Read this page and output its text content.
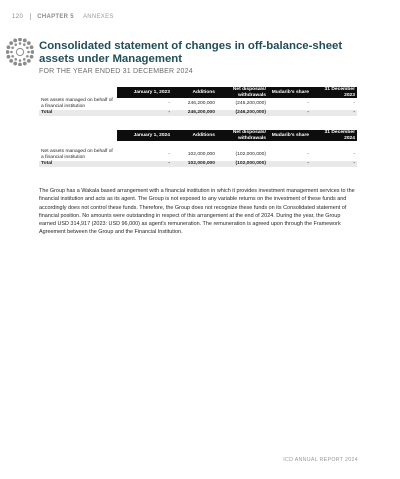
120 CHAPTER 5 ANNEXES
Consolidated statement of changes in off-balance-sheet assets under Management
FOR THE YEAR ENDED 31 DECEMBER 2024
	January 1, 2023	Additions	Net disposals/ withdrawals	Mudarib's share	31 December 2023
Net assets managed on behalf of a financial institution	-	246,200,000	(246,200,000)	-	-
Total	-	246,200,000	(246,200,000)	-	-
	January 1, 2024	Additions	Net disposals/ withdrawals	Mudarib's share	31 December 2024

Net assets managed on behalf of a financial institution	-	102,000,000	(102,000,000)	-	-
Total	-	102,000,000	(102,000,000)	-	-

The Group has a Wakala based arrangement with a financial institution in which it provides investment management services to the financial institution and acts as its agent. The Group is not exposed to any variable returns on the investment of these funds and accordingly does not control these funds. Therefore, the Group does not recognize these funds on its Consolidated statement of financial position. No amounts were outstanding in respect of this arrangement at the end of 2024. During the year, the Group earned USD 314,917 (2023: USD 96,000) as agent's remuneration. The remuneration is agreed upon through the Framework Agreement between the Group and the Financial Institution.

ICD ANNUAL REPORT 2024
